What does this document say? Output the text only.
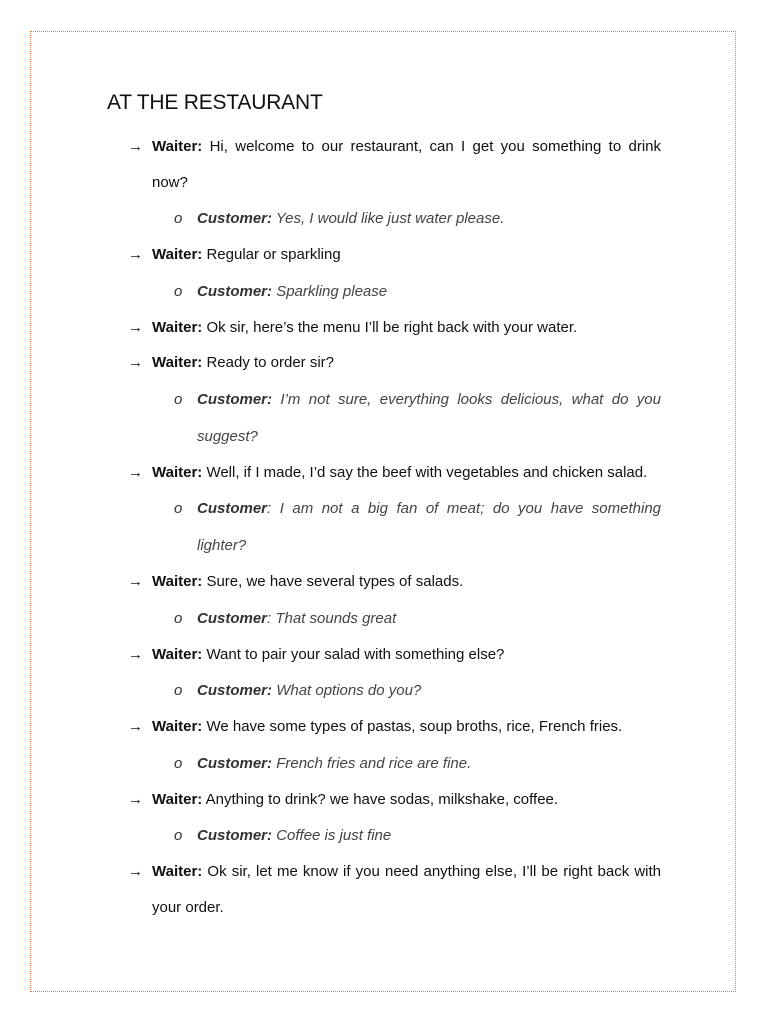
AT THE RESTAURANT
→ Waiter: Hi, welcome to our restaurant, can I get you something to drink now?
o Customer: Yes, I would like just water please.
→ Waiter: Regular or sparkling
o Customer: Sparkling please
→ Waiter: Ok sir, here’s the menu I’ll be right back with your water.
→ Waiter: Ready to order sir?
o Customer: I’m not sure, everything looks delicious, what do you suggest?
→ Waiter: Well, if I made, I’d say the beef with vegetables and chicken salad.
o Customer: I am not a big fan of meat; do you have something lighter?
→ Waiter: Sure, we have several types of salads.
o Customer: That sounds great
→ Waiter: Want to pair your salad with something else?
o Customer: What options do you?
→ Waiter: We have some types of pastas, soup broths, rice, French fries.
o Customer: French fries and rice are fine.
→ Waiter: Anything to drink? we have sodas, milkshake, coffee.
o Customer: Coffee is just fine
→ Waiter: Ok sir, let me know if you need anything else, I’ll be right back with your order.
